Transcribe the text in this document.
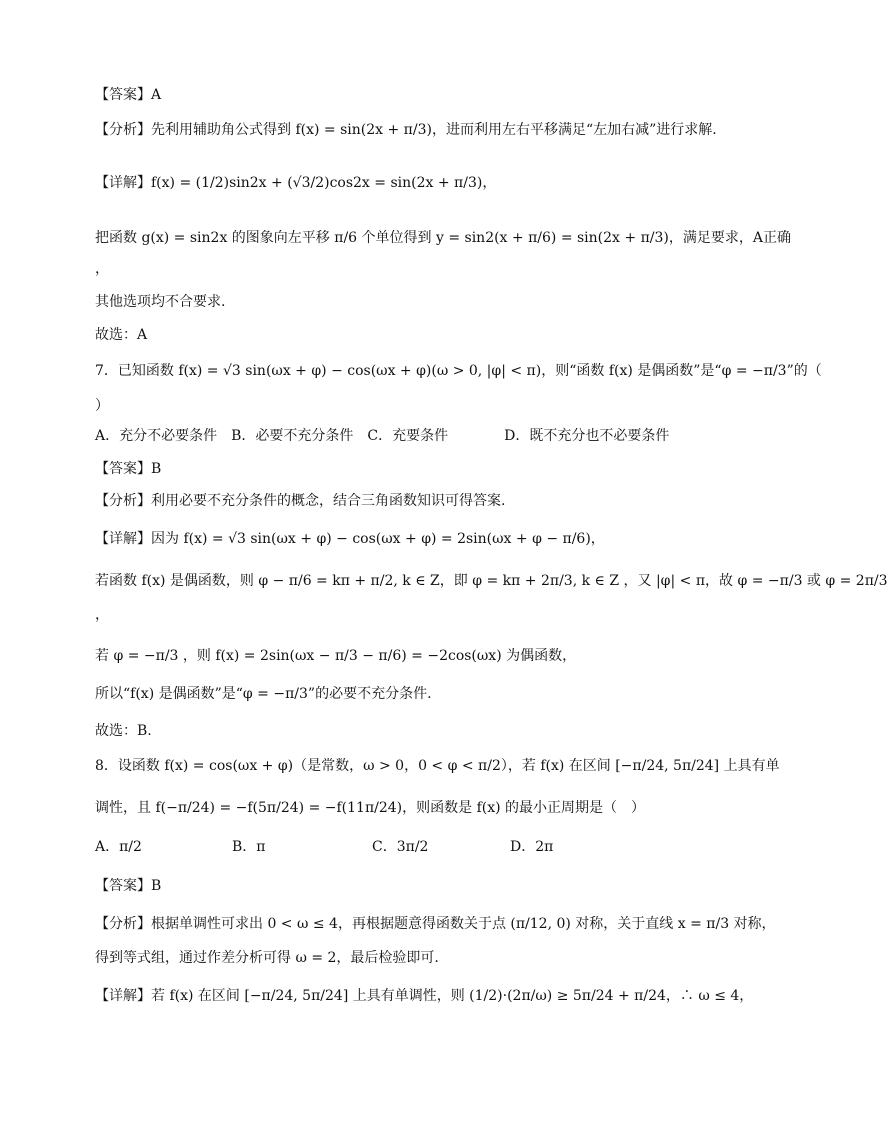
【答案】A
【分析】先利用辅助角公式得到 f(x) = sin(2x + π/3)，进而利用左右平移满足“左加右减”进行求解.
【详解】f(x) = (1/2)sin2x + (√3/2)cos2x = sin(2x + π/3)，
把函数 g(x) = sin2x 的图象向左平移 π/6 个单位得到 y = sin2(x + π/6) = sin(2x + π/3)，满足要求，A正确
，
其他选项均不合要求.
故选：A
7．已知函数 f(x) = √3 sin(ωx + φ) − cos(ωx + φ)(ω > 0, |φ| < π)，则“函数 f(x) 是偶函数”是“φ = −π/3”的（
）
A．充分不必要条件　B．必要不充分条件　C．充要条件　　　　D．既不充分也不必要条件
【答案】B
【分析】利用必要不充分条件的概念，结合三角函数知识可得答案.
【详解】因为 f(x) = √3 sin(ωx + φ) − cos(ωx + φ) = 2sin(ωx + φ − π/6)，
若函数 f(x) 是偶函数，则 φ − π/6 = kπ + π/2, k ∈ Z，即 φ = kπ + 2π/3, k ∈ Z ，又 |φ| < π，故 φ = −π/3 或 φ = 2π/3
，
若 φ = −π/3 ，则 f(x) = 2sin(ωx − π/3 − π/6) = −2cos(ωx) 为偶函数，
所以“f(x) 是偶函数”是“φ = −π/3”的必要不充分条件.
故选：B.
8．设函数 f(x) = cos(ωx + φ)（是常数，ω > 0，0 < φ < π/2），若 f(x) 在区间 [−π/24, 5π/24] 上具有单
调性，且 f(−π/24) = −f(5π/24) = −f(11π/24)，则函数是 f(x) 的最小正周期是（　）
【答案】B
【分析】根据单调性可求出 0 < ω ≤ 4，再根据题意得函数关于点 (π/12, 0) 对称，关于直线 x = π/3 对称，
得到等式组，通过作差分析可得 ω = 2，最后检验即可.
【详解】若 f(x) 在区间 [−π/24, 5π/24] 上具有单调性，则 (1/2)·(2π/ω) ≥ 5π/24 + π/24，∴ ω ≤ 4，
A．π/2	B．π	C．3π/2	D．2π
